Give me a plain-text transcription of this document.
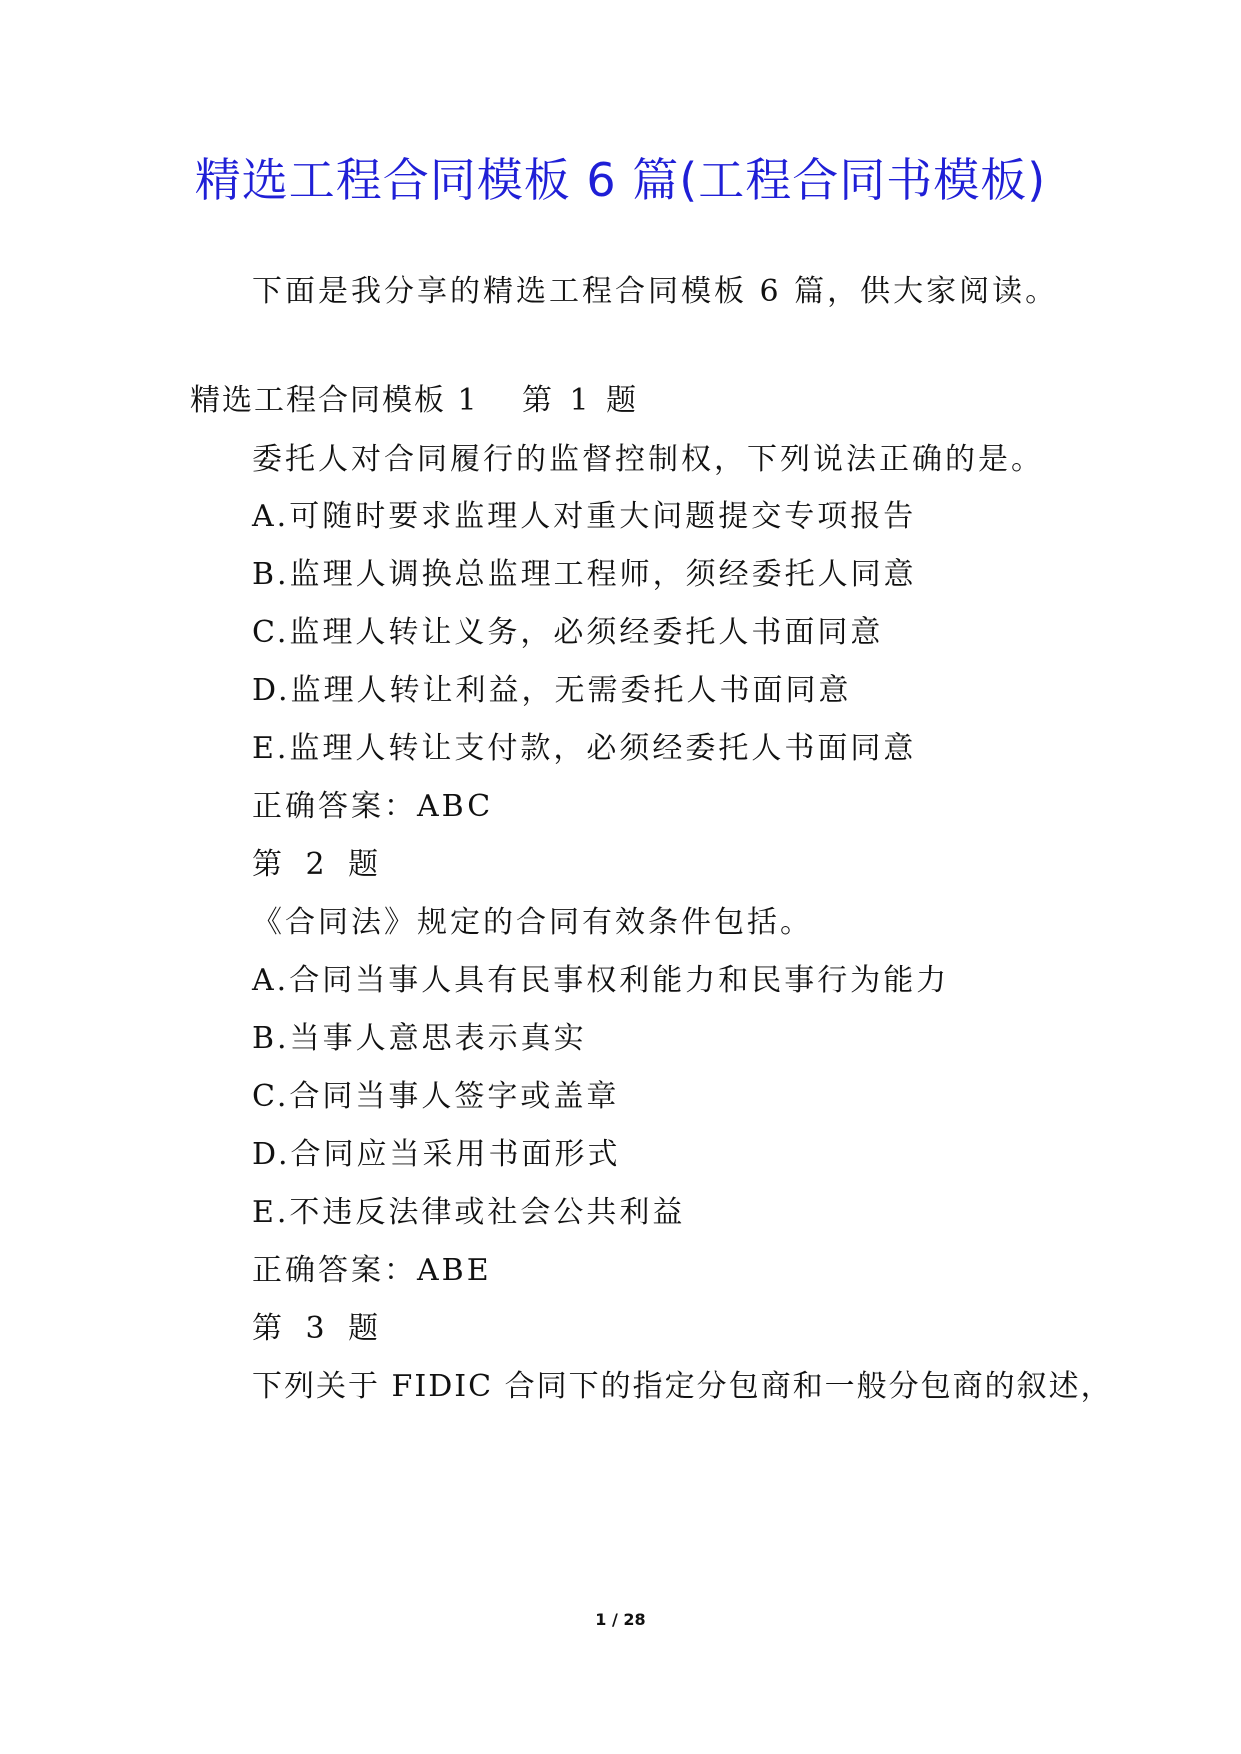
精选工程合同模板 6 篇(工程合同书模板)
下面是我分享的精选工程合同模板 6 篇，供大家阅读。
精选工程合同模板 1 第 1 题
委托人对合同履行的监督控制权，下列说法正确的是。
A.可随时要求监理人对重大问题提交专项报告
B.监理人调换总监理工程师，须经委托人同意
C.监理人转让义务，必须经委托人书面同意
D.监理人转让利益，无需委托人书面同意
E.监理人转让支付款，必须经委托人书面同意
正确答案：ABC
第 2 题
《合同法》规定的合同有效条件包括。
A.合同当事人具有民事权利能力和民事行为能力
B.当事人意思表示真实
C.合同当事人签字或盖章
D.合同应当采用书面形式
E.不违反法律或社会公共利益
正确答案：ABE
第 3 题
下列关于 FIDIC 合同下的指定分包商和一般分包商的叙述，
1 / 28
